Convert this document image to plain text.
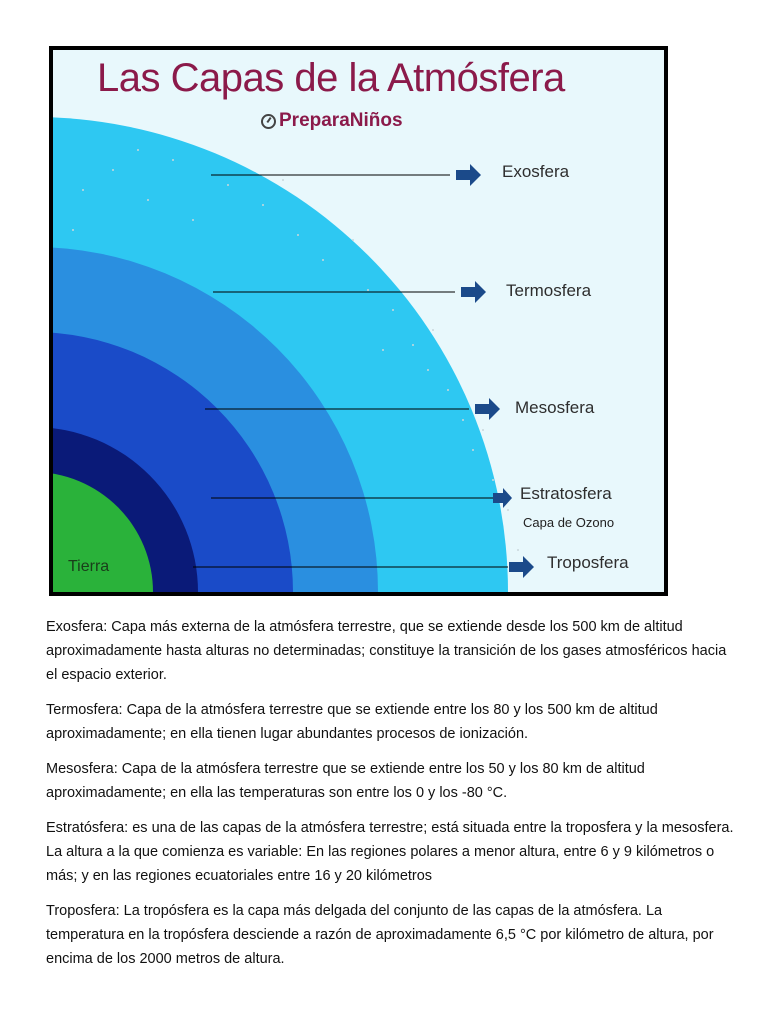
Las Capas de la Atmósfera
PreparaNiños
Exosfera
Termosfera
Mesosfera
Estratosfera
Capa de Ozono
Troposfera
Tierra

Exosfera: Capa más externa de la atmósfera terrestre, que se extiende desde los 500 km de altitud aproximadamente hasta alturas no determinadas; constituye la transición de los gases atmosféricos hacia el espacio exterior.

Termosfera: Capa de la atmósfera terrestre que se extiende entre los 80 y los 500 km de altitud aproximadamente; en ella tienen lugar abundantes procesos de ionización.

Mesosfera: Capa de la atmósfera terrestre que se extiende entre los 50 y los 80 km de altitud aproximadamente; en ella las temperaturas son entre los 0 y los -80 °C.

Estratósfera: es una de las capas de la atmósfera terrestre; está situada entre la troposfera y la mesosfera. La altura a la que comienza es variable: En las regiones polares a menor altura, entre 6 y 9 kilómetros o más; y en las regiones ecuatoriales entre 16 y 20 kilómetros

Troposfera: La tropósfera es la capa más delgada del conjunto de las capas de la atmósfera. La temperatura en la tropósfera desciende a razón de aproximadamente 6,5 °C por kilómetro de altura, por encima de los 2000 metros de altura.
